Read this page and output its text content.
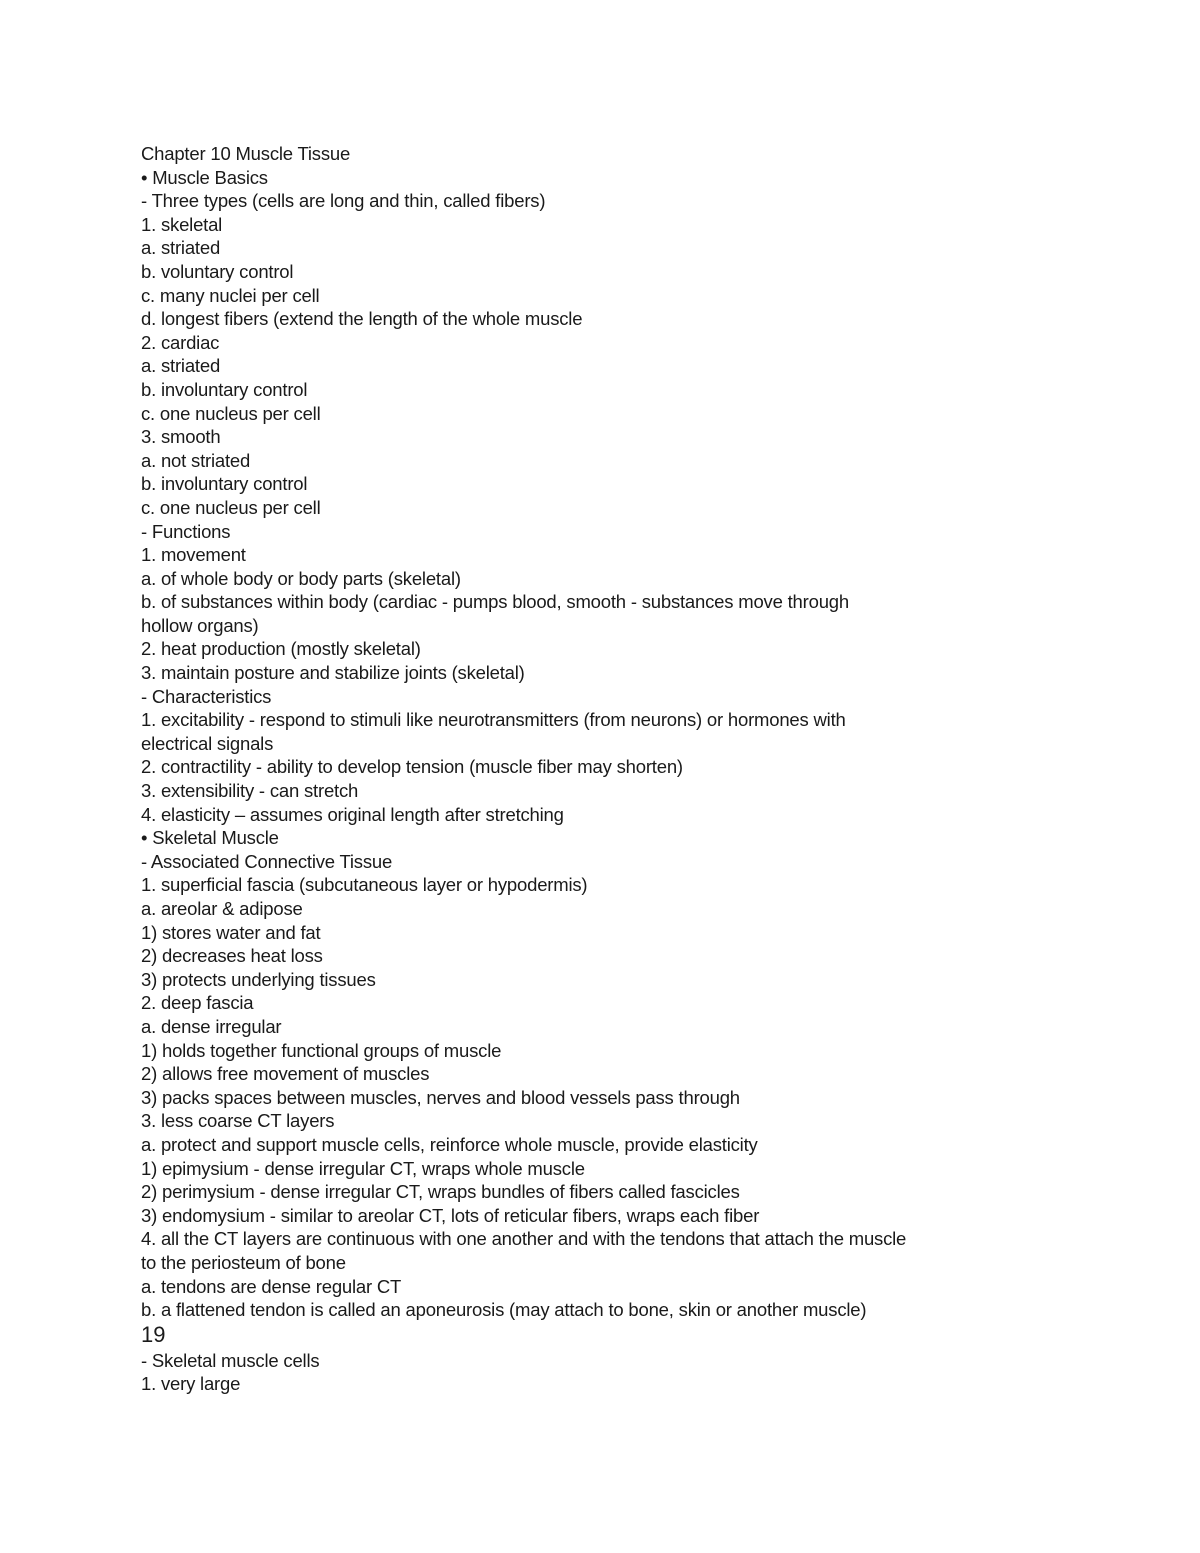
Chapter 10 Muscle Tissue

• Muscle Basics

- Three types (cells are long and thin, called fibers)

1. skeletal

a. striated

b. voluntary control

c. many nuclei per cell

d. longest fibers (extend the length of the whole muscle

2. cardiac

a. striated

b. involuntary control

c. one nucleus per cell

3. smooth

a. not striated

b. involuntary control

c. one nucleus per cell

- Functions

1. movement

a. of whole body or body parts (skeletal)

b. of substances within body (cardiac - pumps blood, smooth - substances move through

hollow organs)

2. heat production (mostly skeletal)

3. maintain posture and stabilize joints (skeletal)

- Characteristics

1. excitability - respond to stimuli like neurotransmitters (from neurons) or hormones with

electrical signals

2. contractility - ability to develop tension (muscle fiber may shorten)

3. extensibility - can stretch

4. elasticity – assumes original length after stretching

• Skeletal Muscle

- Associated Connective Tissue

1. superficial fascia (subcutaneous layer or hypodermis)

a. areolar & adipose

1) stores water and fat

2) decreases heat loss

3) protects underlying tissues

2. deep fascia

a. dense irregular

1) holds together functional groups of muscle

2) allows free movement of muscles

3) packs spaces between muscles, nerves and blood vessels pass through

3. less coarse CT layers

a. protect and support muscle cells, reinforce whole muscle, provide elasticity

1) epimysium - dense irregular CT, wraps whole muscle

2) perimysium - dense irregular CT, wraps bundles of fibers called fascicles

3) endomysium - similar to areolar CT, lots of reticular fibers, wraps each fiber

4. all the CT layers are continuous with one another and with the tendons that attach the muscle

to the periosteum of bone

a. tendons are dense regular CT

b. a flattened tendon is called an aponeurosis (may attach to bone, skin or another muscle)

19

- Skeletal muscle cells

1. very large
